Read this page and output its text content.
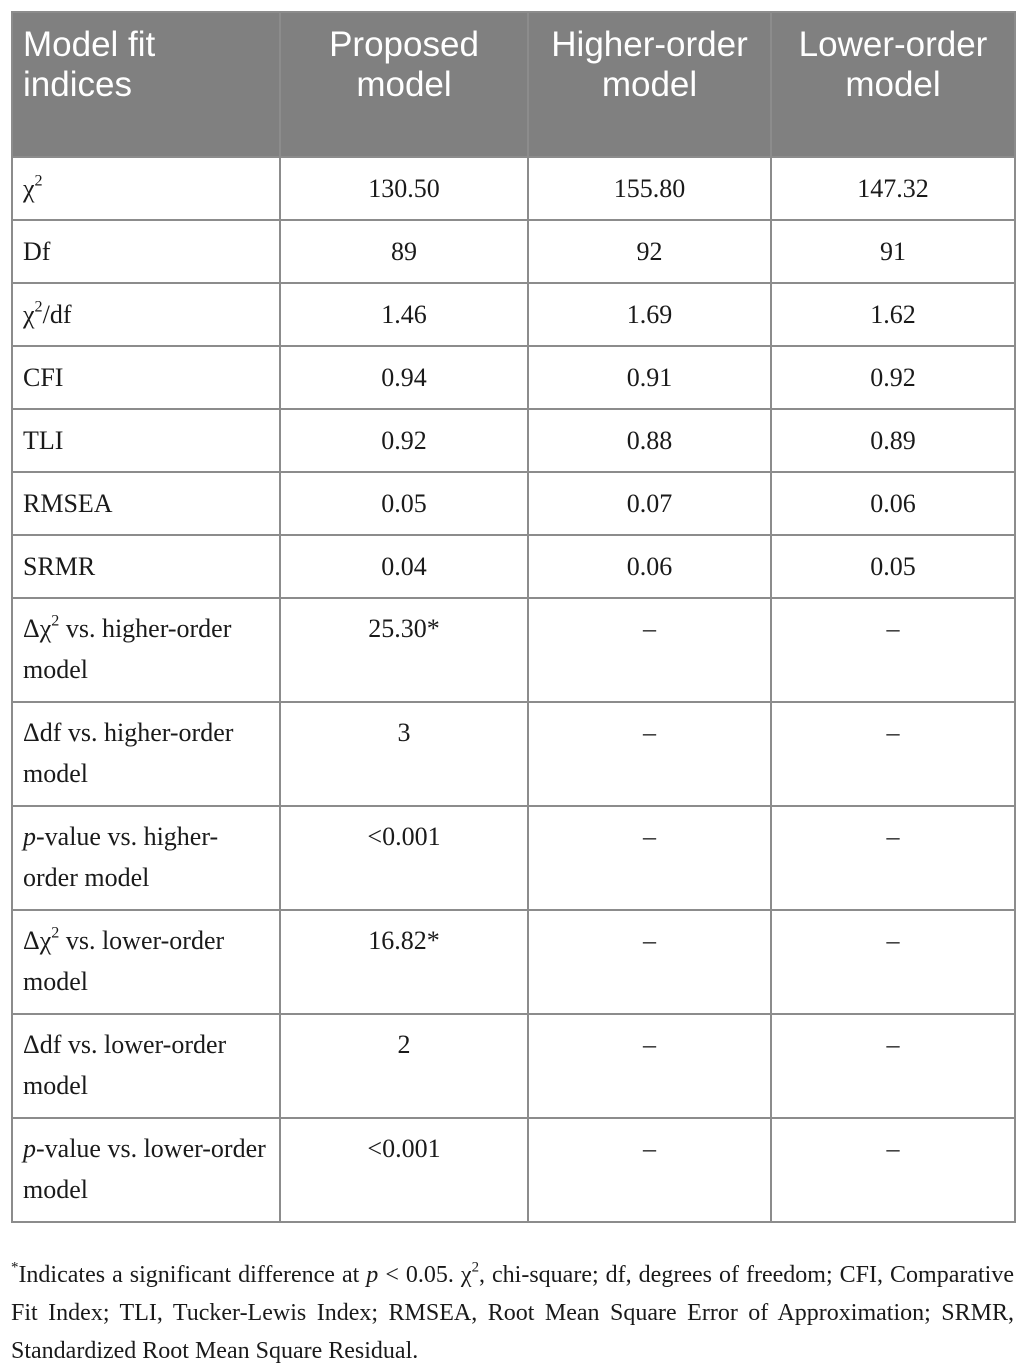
Model fit indices	Proposed model	Higher-order model	Lower-order model
$\chi^2$	130.50	155.80	147.32
Df	89	92	91
$\chi^2/df$	1.46	1.69	1.62
CFI	0.94	0.91	0.92
TLI	0.92	0.88	0.89
RMSEA	0.05	0.07	0.06
SRMR	0.04	0.06	0.05
$\Delta\chi^2$ vs. higher-order model	25.30*	–	–
Δdf vs. higher-order model	3	–	–
p-value vs. higher-order model	<0.001	–	–
$\Delta\chi^2$ vs. lower-order model	16.82*	–	–
Δdf vs. lower-order model	2	–	–
p-value vs. lower-order model	<0.001	–	–

*Indicates a significant difference at p < 0.05. $\chi^2$, chi-square; df, degrees of freedom; CFI, Comparative Fit Index; TLI, Tucker-Lewis Index; RMSEA, Root Mean Square Error of Approximation; SRMR, Standardized Root Mean Square Residual.
